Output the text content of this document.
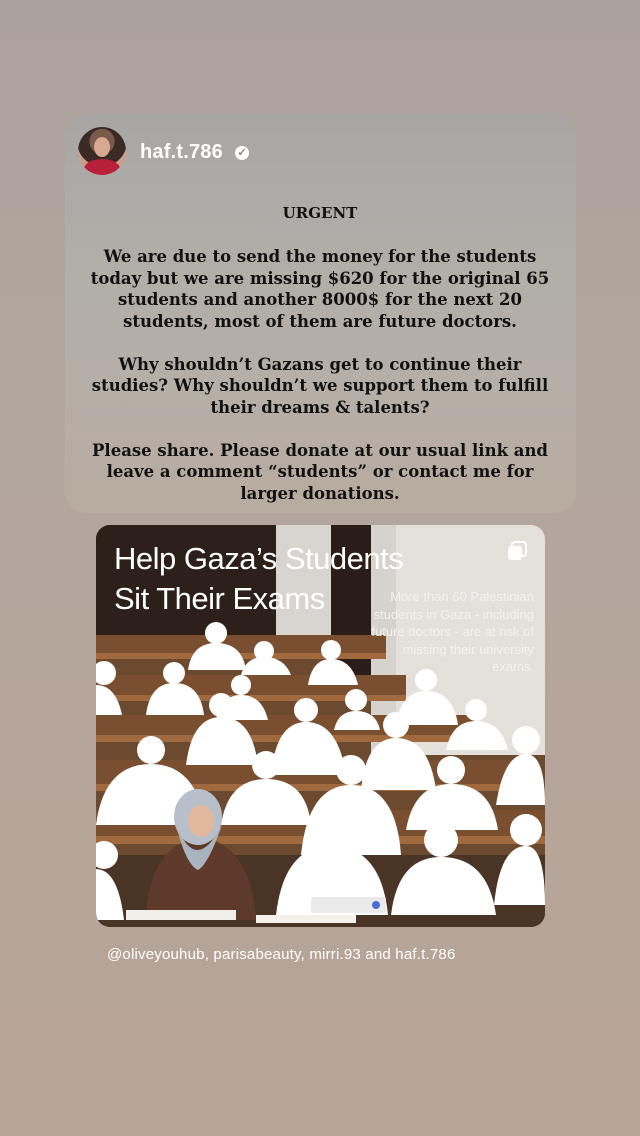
haf.t.786 ✓

URGENT

We are due to send the money for the students today but we are missing $620 for the original 65 students and another 8000$ for the next 20 students, most of them are future doctors.

Why shouldn’t Gazans get to continue their studies? Why shouldn’t we support them to fulfill their dreams & talents?

Please share. Please donate at our usual link and leave a comment “students” or contact me for larger donations.

Help Gaza’s Students
Sit Their Exams	More than 60 Palestinian students in Gaza - including future doctors - are at risk of missing their university exams.
@oliveyouhub, parisabeauty, mirri.93 and haf.t.786
